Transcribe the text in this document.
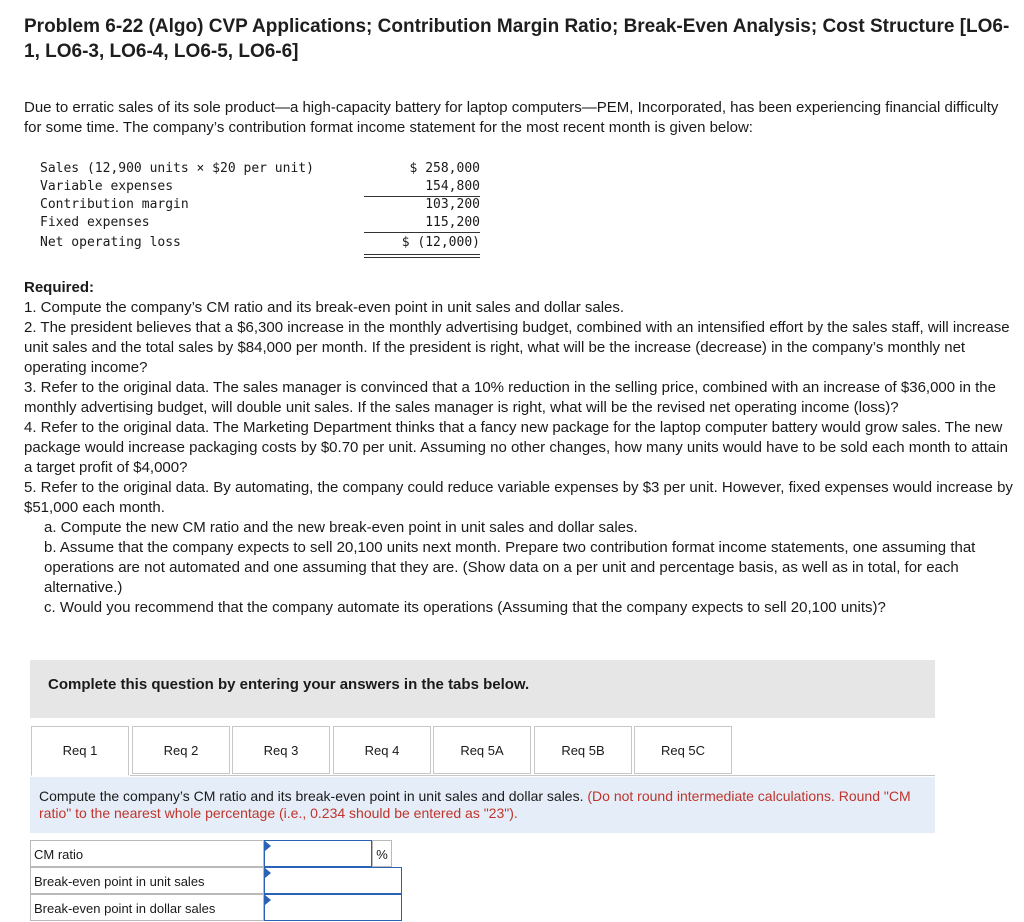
Problem 6-22 (Algo) CVP Applications; Contribution Margin Ratio; Break-Even Analysis; Cost Structure [LO6-1, LO6-3, LO6-4, LO6-5, LO6-6]
Due to erratic sales of its sole product—a high-capacity battery for laptop computers—PEM, Incorporated, has been experiencing financial difficulty for some time. The company’s contribution format income statement for the most recent month is given below:
Sales (12,900 units × $20 per unit)	$ 258,000
Variable expenses	154,800
Contribution margin	103,200
Fixed expenses	115,200
Net operating loss	$ (12,000)
Required:
1. Compute the company’s CM ratio and its break-even point in unit sales and dollar sales.
2. The president believes that a $6,300 increase in the monthly advertising budget, combined with an intensified effort by the sales staff, will increase unit sales and the total sales by $84,000 per month. If the president is right, what will be the increase (decrease) in the company’s monthly net operating income?
3. Refer to the original data. The sales manager is convinced that a 10% reduction in the selling price, combined with an increase of $36,000 in the monthly advertising budget, will double unit sales. If the sales manager is right, what will be the revised net operating income (loss)?
4. Refer to the original data. The Marketing Department thinks that a fancy new package for the laptop computer battery would grow sales. The new package would increase packaging costs by $0.70 per unit. Assuming no other changes, how many units would have to be sold each month to attain a target profit of $4,000?
5. Refer to the original data. By automating, the company could reduce variable expenses by $3 per unit. However, fixed expenses would increase by $51,000 each month.
a. Compute the new CM ratio and the new break-even point in unit sales and dollar sales.
b. Assume that the company expects to sell 20,100 units next month. Prepare two contribution format income statements, one assuming that operations are not automated and one assuming that they are. (Show data on a per unit and percentage basis, as well as in total, for each alternative.)
c. Would you recommend that the company automate its operations (Assuming that the company expects to sell 20,100 units)?
Complete this question by entering your answers in the tabs below.
Req 1	Req 2	Req 3	Req 4	Req 5A	Req 5B	Req 5C

Compute the company’s CM ratio and its break-even point in unit sales and dollar sales. (Do not round intermediate calculations. Round "CM ratio" to the nearest whole percentage (i.e., 0.234 should be entered as "23").

CM ratio	%
Break-even point in unit sales
Break-even point in dollar sales
